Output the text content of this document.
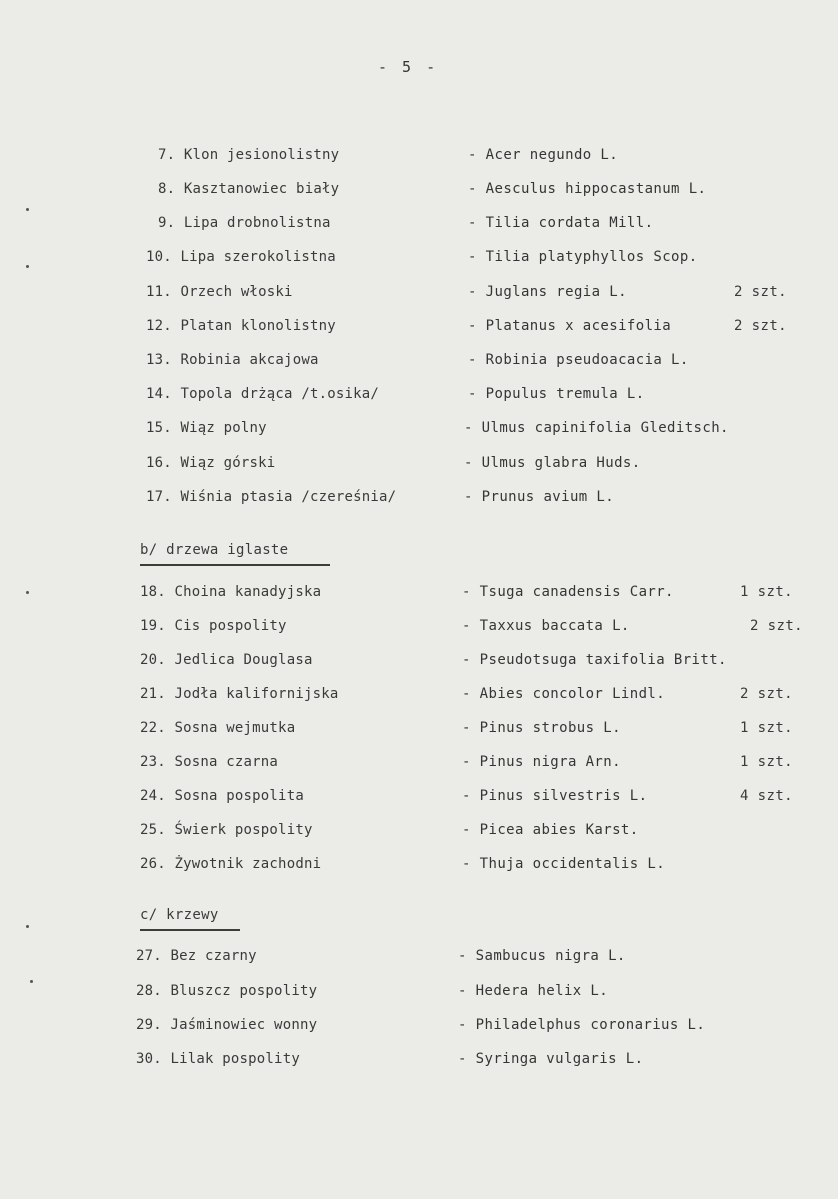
- 5 -
7. Klon jesionolistny	- Acer negundo L.
8. Kasztanowiec biały	- Aesculus hippocastanum L.
9. Lipa drobnolistna	- Tilia cordata Mill.
10. Lipa szerokolistna	- Tilia platyphyllos Scop.
11. Orzech włoski	- Juglans regia L.	2 szt.
12. Platan klonolistny	- Platanus x acesifolia	2 szt.
13. Robinia akcajowa	- Robinia pseudoacacia L.
14. Topola drżąca /t.osika/	- Populus tremula L.
15. Wiąz polny	- Ulmus capinifolia Gleditsch.
16. Wiąz górski	- Ulmus glabra Huds.
17. Wiśnia ptasia /czereśnia/	- Prunus avium L.
b/ drzewa iglaste
18. Choina kanadyjska	- Tsuga canadensis Carr.	1 szt.
19. Cis pospolity	- Taxxus baccata L.	2 szt.
20. Jedlica Douglasa	- Pseudotsuga taxifolia Britt.
21. Jodła kalifornijska	- Abies concolor Lindl.	2 szt.
22. Sosna wejmutka	- Pinus strobus L.	1 szt.
23. Sosna czarna	- Pinus nigra Arn.	1 szt.
24. Sosna pospolita	- Pinus silvestris L.	4 szt.
25. Świerk pospolity	- Picea abies Karst.
26. Żywotnik zachodni	- Thuja occidentalis L.
c/ krzewy
27. Bez czarny	- Sambucus nigra L.
28. Bluszcz pospolity	- Hedera helix L.
29. Jaśminowiec wonny	- Philadelphus coronarius L.
30. Lilak pospolity	- Syringa vulgaris L.
